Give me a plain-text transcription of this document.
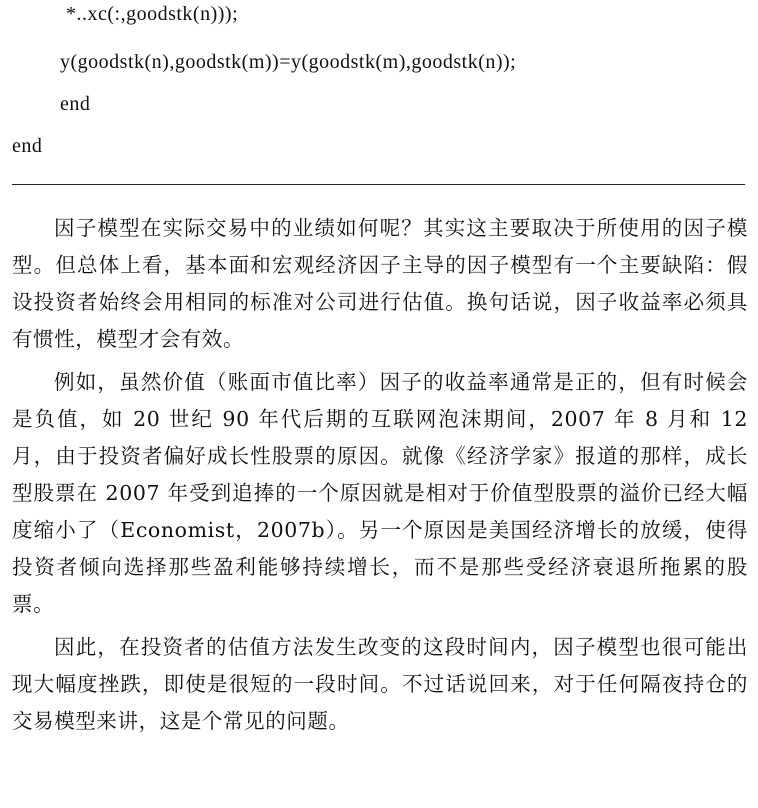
*..xc(:,goodstk(n)));
y(goodstk(n),goodstk(m))=y(goodstk(m),goodstk(n));
end
end

因子模型在实际交易中的业绩如何呢？其实这主要取决于所使用的因子模型。但总体上看，基本面和宏观经济因子主导的因子模型有一个主要缺陷：假设投资者始终会用相同的标准对公司进行估值。换句话说，因子收益率必须具有惯性，模型才会有效。

例如，虽然价值（账面市值比率）因子的收益率通常是正的，但有时候会是负值，如 20 世纪 90 年代后期的互联网泡沫期间，2007 年 8 月和 12 月，由于投资者偏好成长性股票的原因。就像《经济学家》报道的那样，成长型股票在 2007 年受到追捧的一个原因就是相对于价值型股票的溢价已经大幅度缩小了（Economist，2007b）。另一个原因是美国经济增长的放缓，使得投资者倾向选择那些盈利能够持续增长，而不是那些受经济衰退所拖累的股票。

因此，在投资者的估值方法发生改变的这段时间内，因子模型也很可能出现大幅度挫跌，即使是很短的一段时间。不过话说回来，对于任何隔夜持仓的交易模型来讲，这是个常见的问题。
